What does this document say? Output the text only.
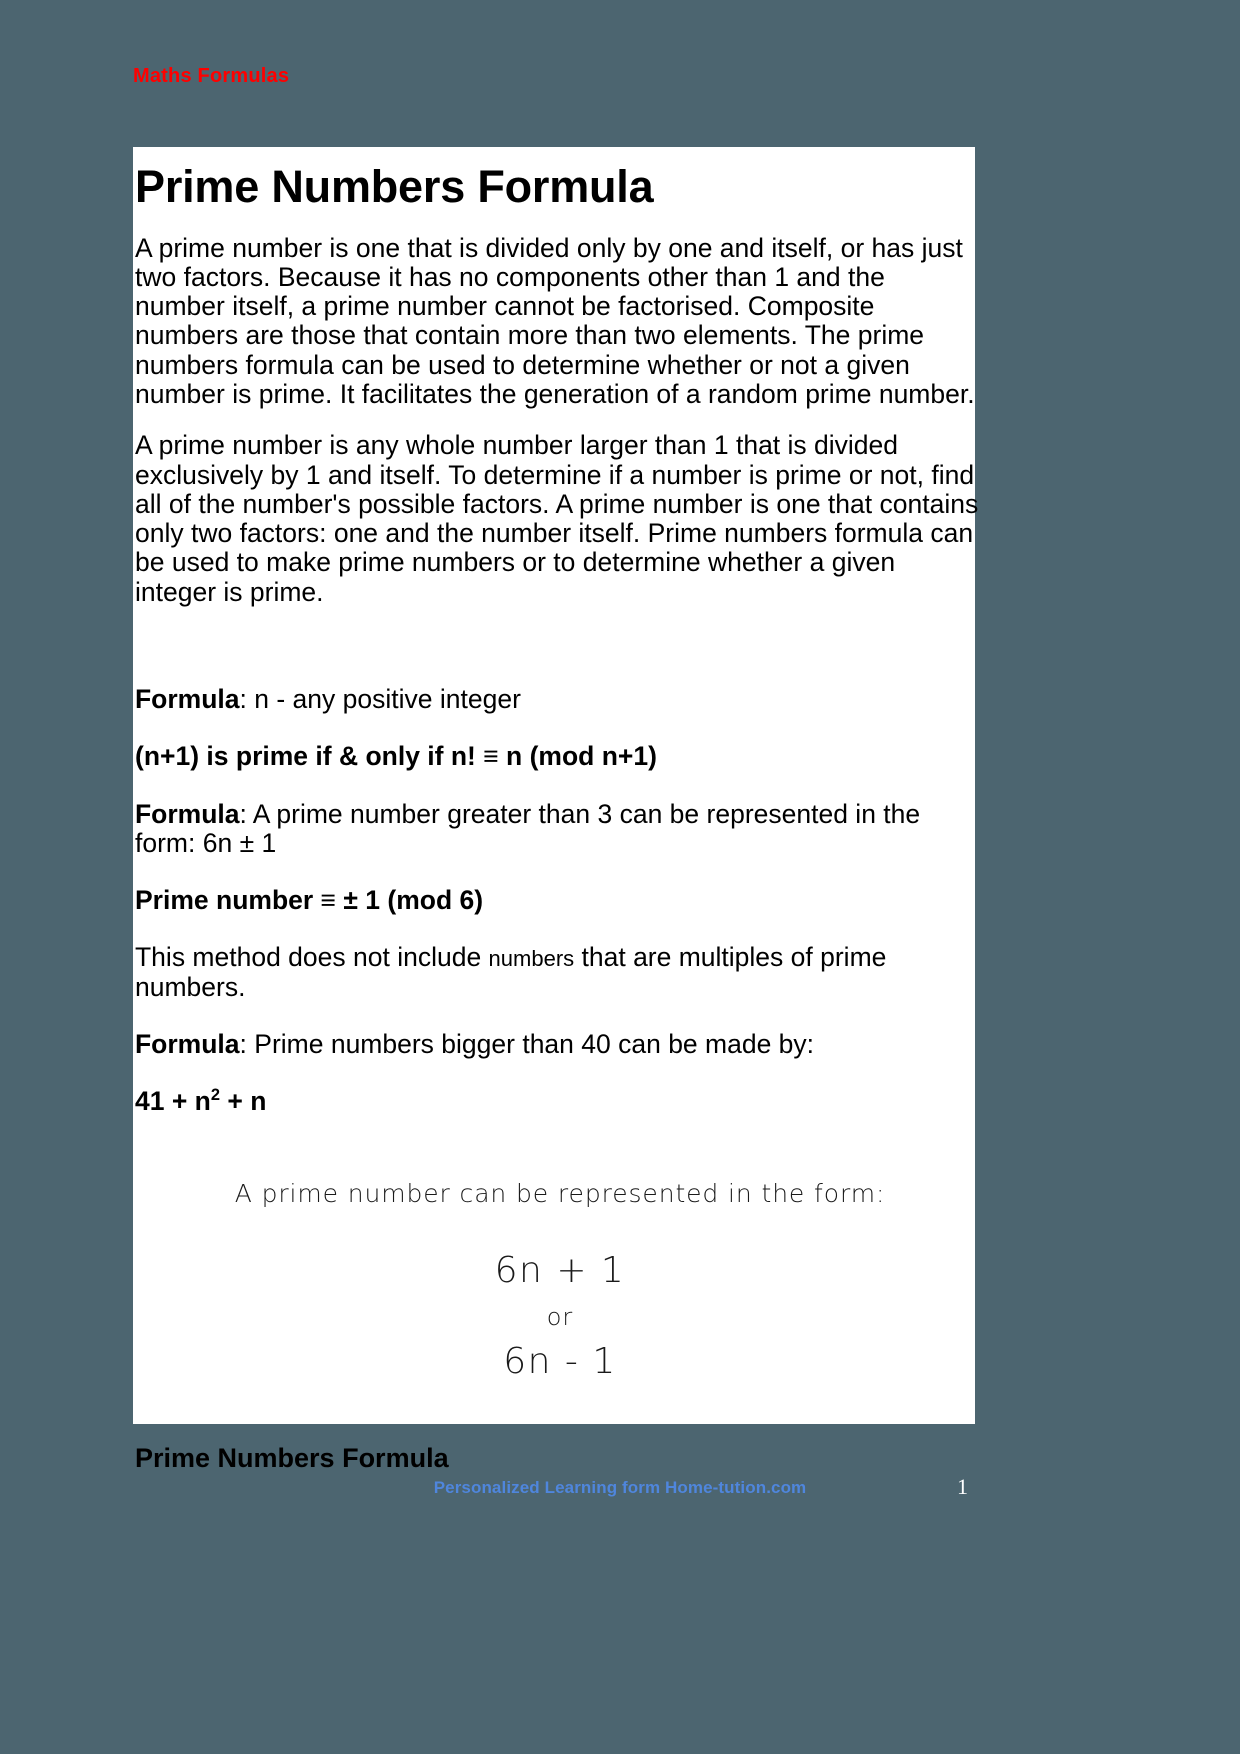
Maths Formulas
Prime Numbers Formula

A prime number is one that is divided only by one and itself, or has just two factors. Because it has no components other than 1 and the number itself, a prime number cannot be factorised. Composite numbers are those that contain more than two elements. The prime numbers formula can be used to determine whether or not a given number is prime. It facilitates the generation of a random prime number.

A prime number is any whole number larger than 1 that is divided exclusively by 1 and itself. To determine if a number is prime or not, find all of the number's possible factors. A prime number is one that contains only two factors: one and the number itself. Prime numbers formula can be used to make prime numbers or to determine whether a given integer is prime.

Formula: n - any positive integer

(n+1) is prime if & only if n! ≡ n (mod n+1)

Formula: A prime number greater than 3 can be represented in the form: 6n ± 1

Prime number ≡ ± 1 (mod 6)

This method does not include numbers that are multiples of prime numbers.

Formula: Prime numbers bigger than 40 can be made by:

$41 + n^2 + n$

A prime number can be represented in the form:
6n + 1
or
6n - 1
Prime Numbers Formula
Personalized Learning form Home-tution.com	1
